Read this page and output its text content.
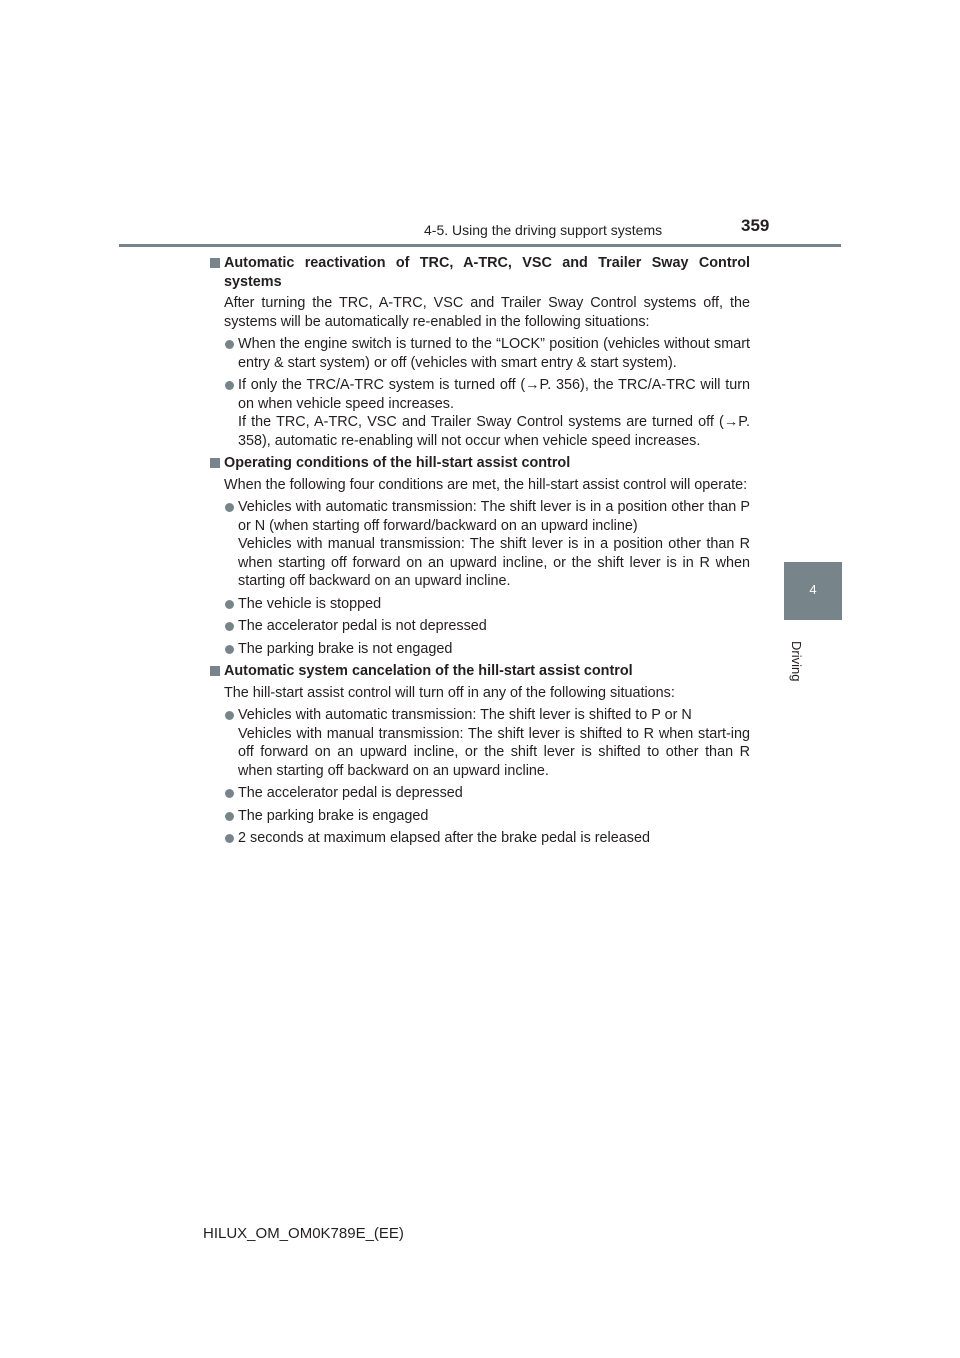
4-5. Using the driving support systems	359
4
Driving
Automatic reactivation of TRC, A-TRC, VSC and Trailer Sway Control systems
After turning the TRC, A-TRC, VSC and Trailer Sway Control systems off, the systems will be automatically re-enabled in the following situations:
When the engine switch is turned to the “LOCK” position (vehicles without smart entry & start system) or off (vehicles with smart entry & start system).
If only the TRC/A-TRC system is turned off (→P. 356), the TRC/A-TRC will turn on when vehicle speed increases.
If the TRC, A-TRC, VSC and Trailer Sway Control systems are turned off (→P. 358), automatic re-enabling will not occur when vehicle speed increases.
Operating conditions of the hill-start assist control
When the following four conditions are met, the hill-start assist control will operate:
Vehicles with automatic transmission: The shift lever is in a position other than P or N (when starting off forward/backward on an upward incline)
Vehicles with manual transmission: The shift lever is in a position other than R when starting off forward on an upward incline, or the shift lever is in R when starting off backward on an upward incline.
The vehicle is stopped
The accelerator pedal is not depressed
The parking brake is not engaged
Automatic system cancelation of the hill-start assist control
The hill-start assist control will turn off in any of the following situations:
Vehicles with automatic transmission: The shift lever is shifted to P or N
Vehicles with manual transmission: The shift lever is shifted to R when start-ing off forward on an upward incline, or the shift lever is shifted to other than R when starting off backward on an upward incline.
The accelerator pedal is depressed
The parking brake is engaged
2 seconds at maximum elapsed after the brake pedal is released
HILUX_OM_OM0K789E_(EE)
